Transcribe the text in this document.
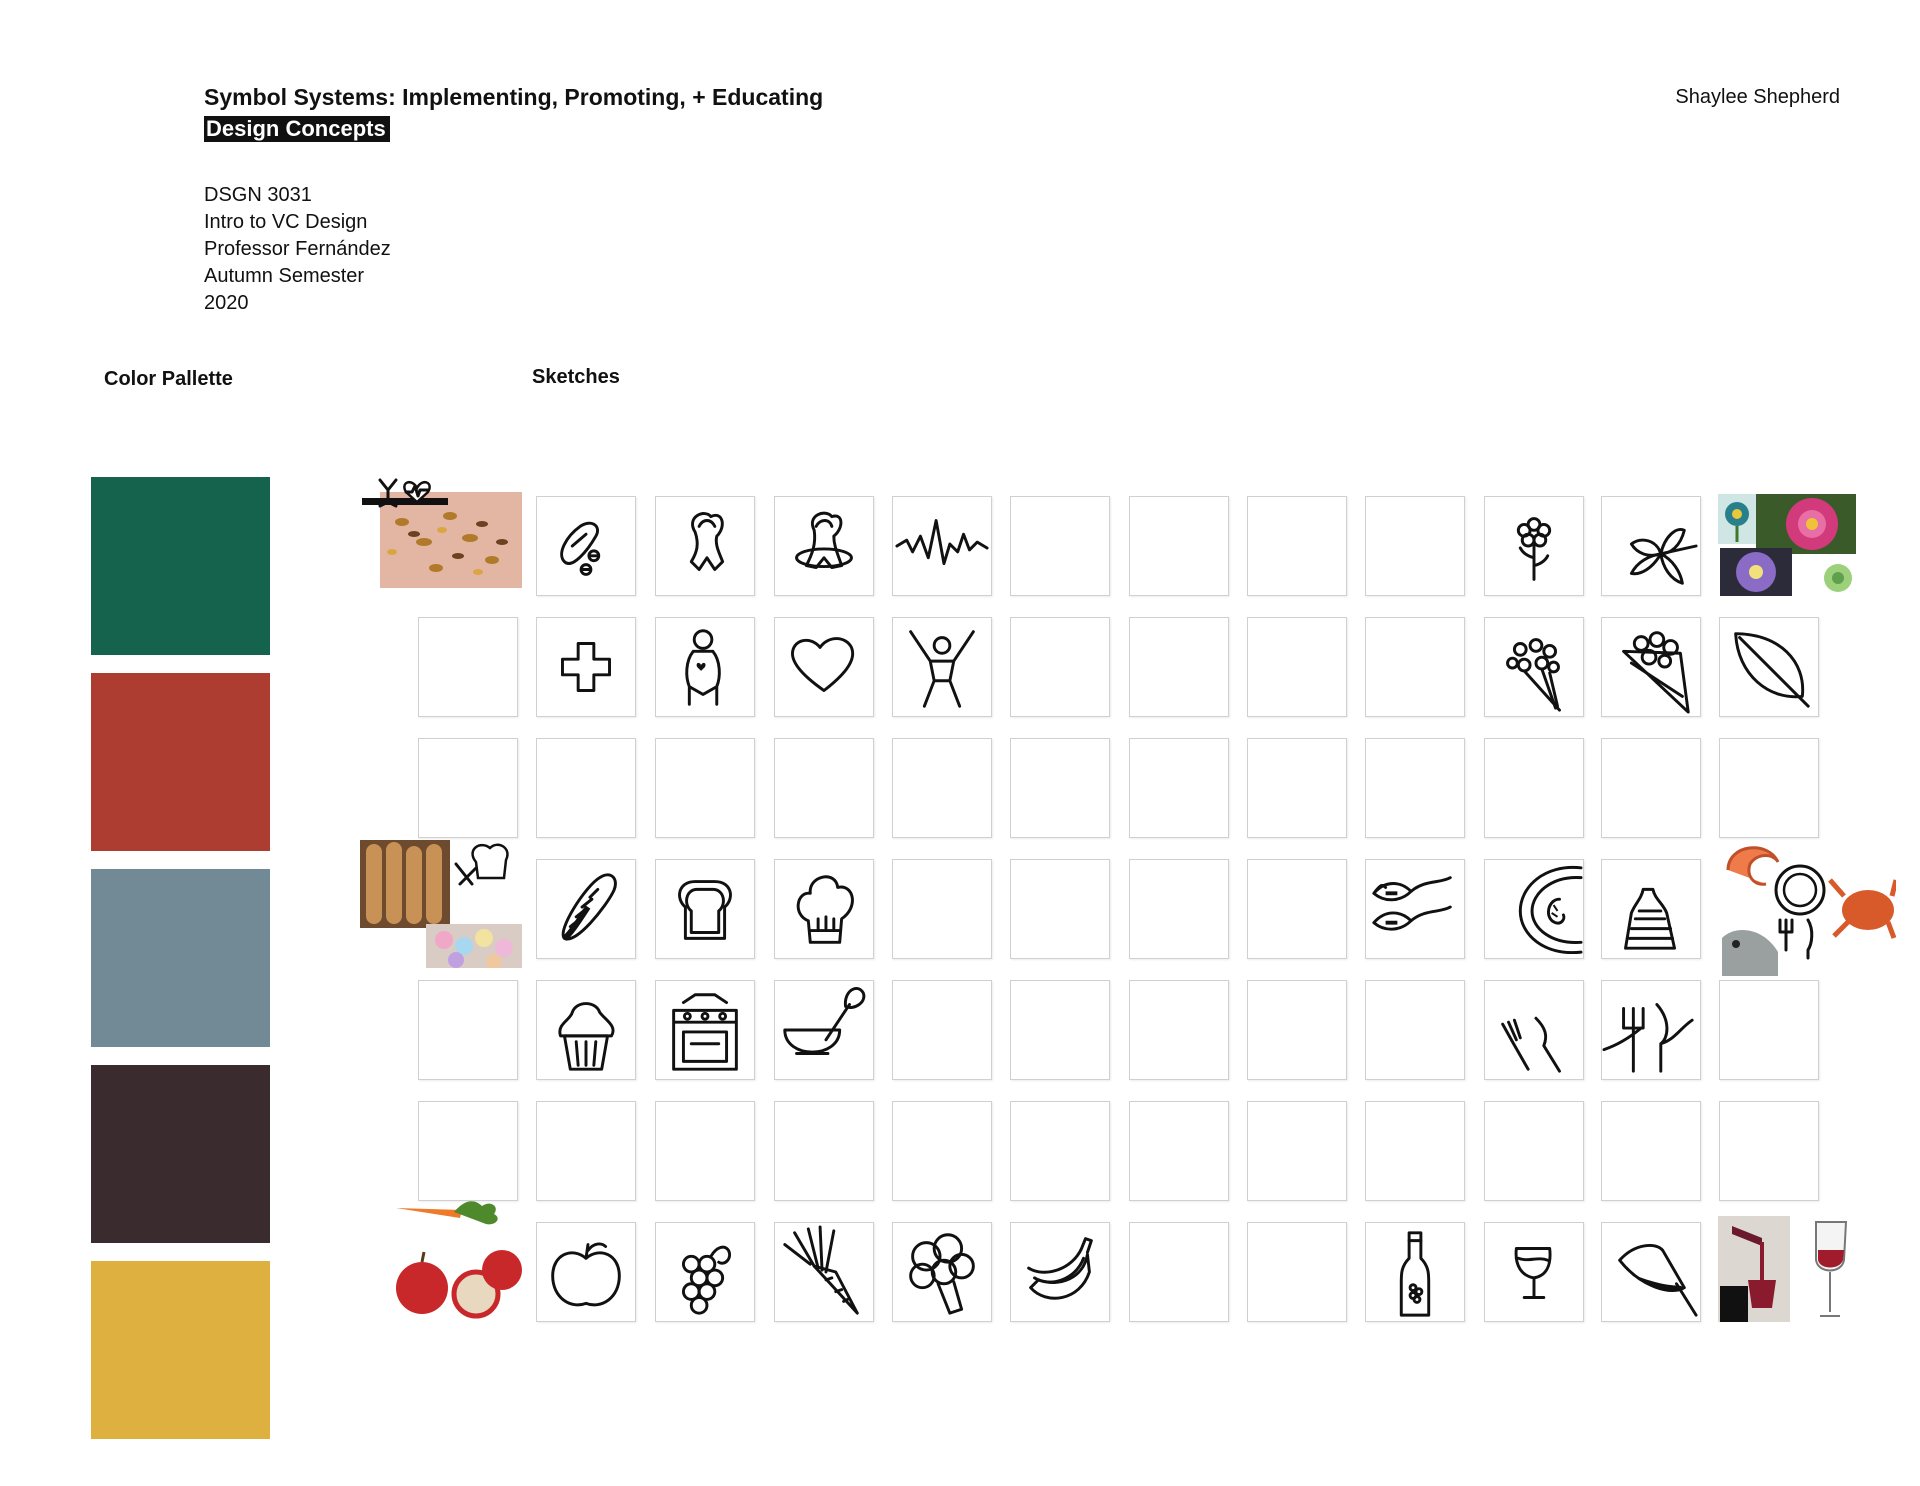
Symbol Systems: Implementing, Promoting, + Educating
Design Concepts
Shaylee Shepherd
DSGN 3031
Intro to VC Design
Professor Fernández
Autumn Semester
2020
Color Pallette	Sketches
